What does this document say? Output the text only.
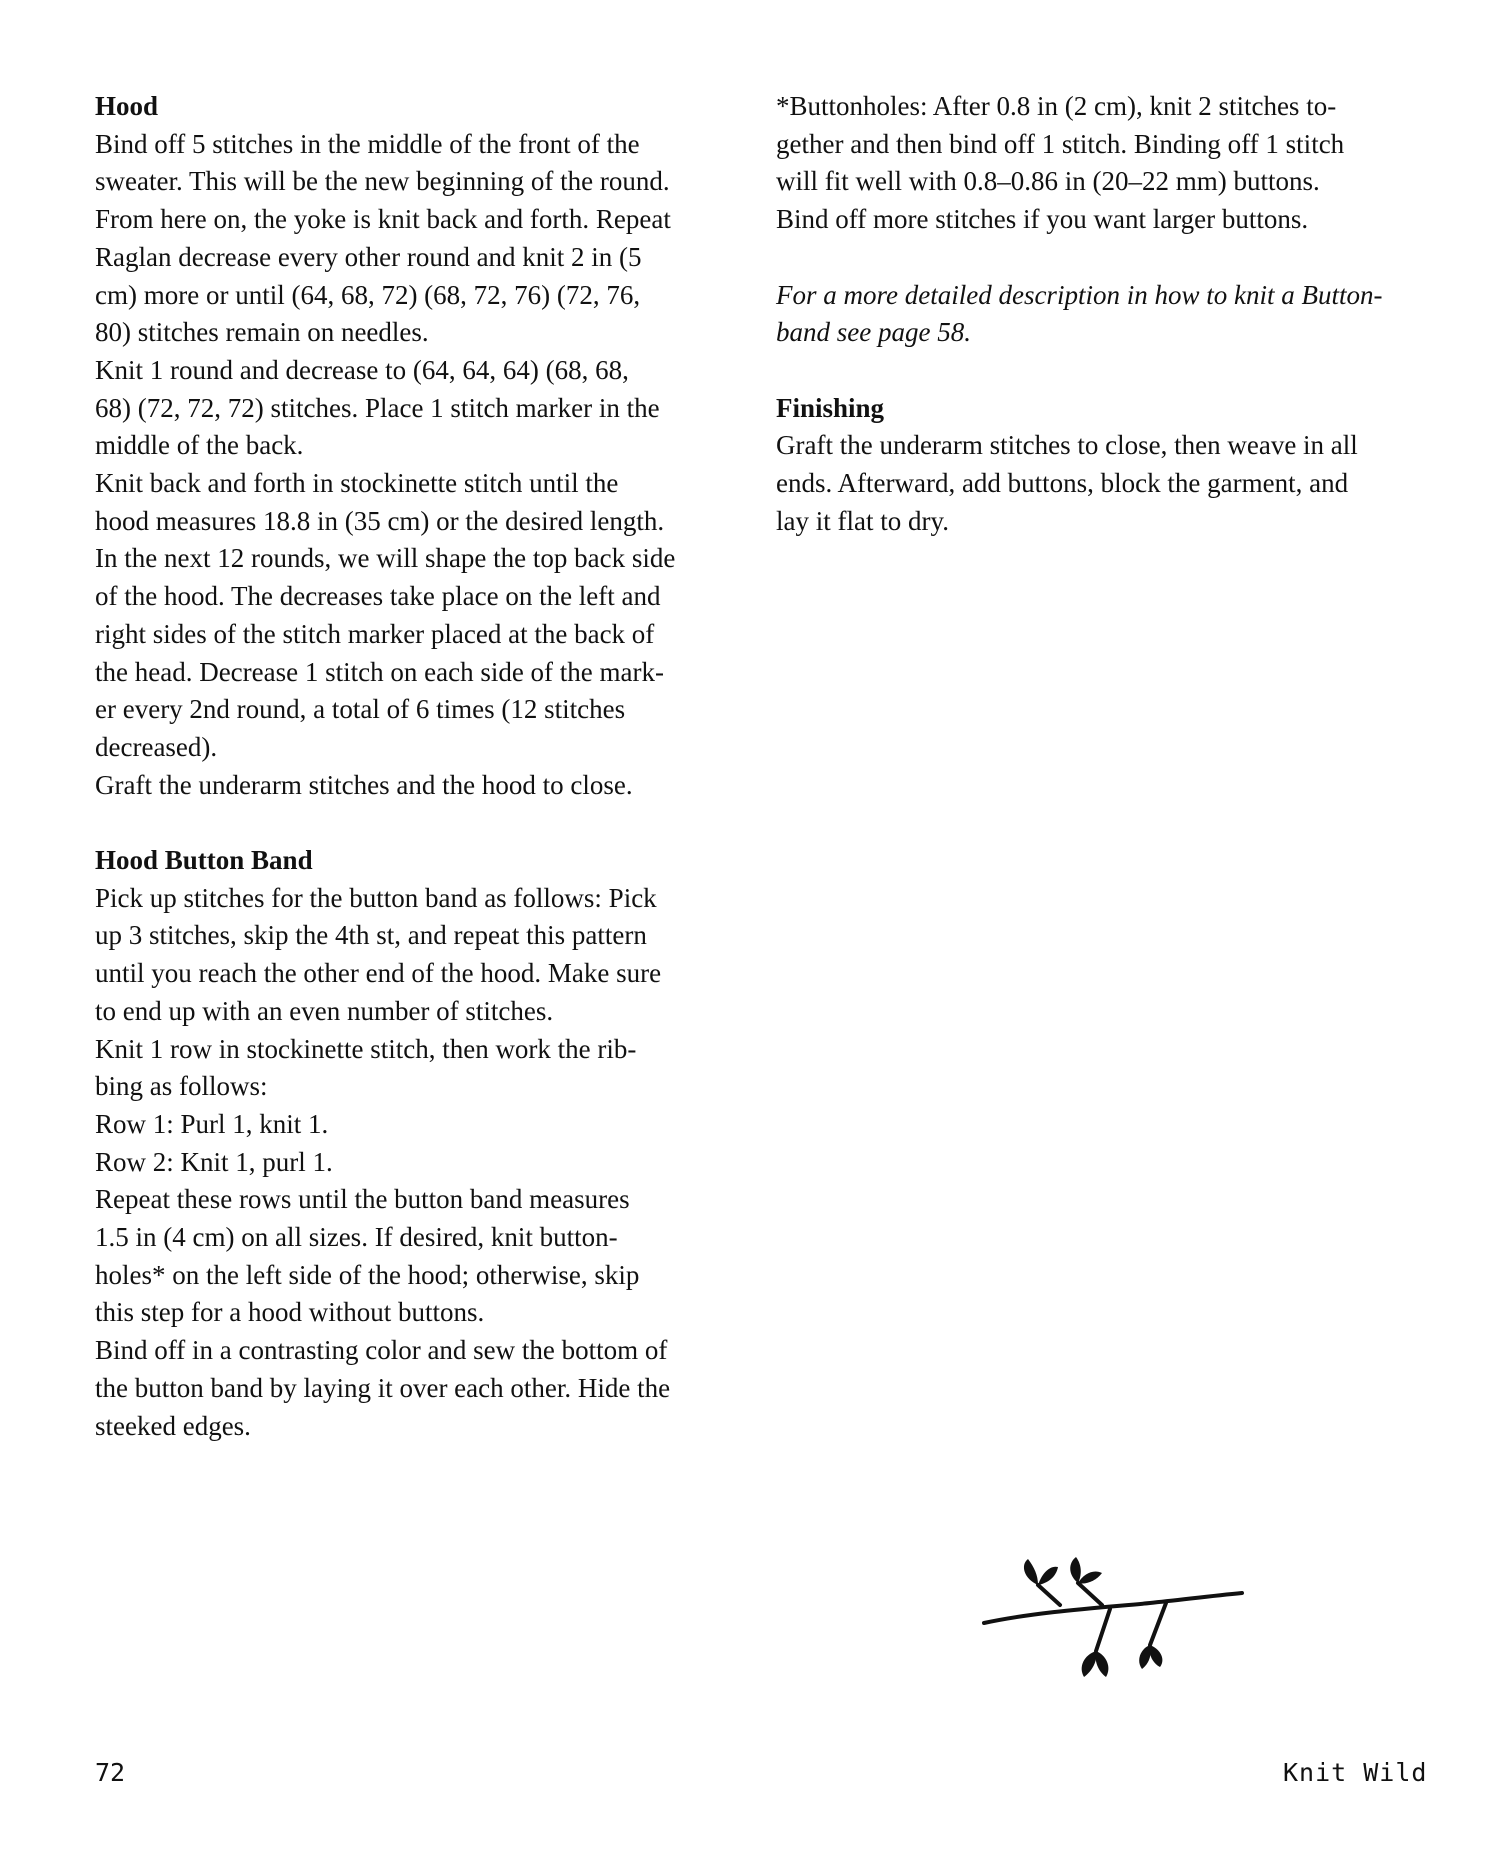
Hood

Bind off 5 stitches in the middle of the front of the
sweater. This will be the new beginning of the round.
From here on, the yoke is knit back and forth. Repeat
Raglan decrease every other round and knit 2 in (5
cm) more or until (64, 68, 72) (68, 72, 76) (72, 76,
80) stitches remain on needles.
Knit 1 round and decrease to (64, 64, 64) (68, 68,
68) (72, 72, 72) stitches. Place 1 stitch marker in the
middle of the back.
Knit back and forth in stockinette stitch until the
hood measures 18.8 in (35 cm) or the desired length.
In the next 12 rounds, we will shape the top back side
of the hood. The decreases take place on the left and
right sides of the stitch marker placed at the back of
the head. Decrease 1 stitch on each side of the mark-
er every 2nd round, a total of 6 times (12 stitches
decreased).
Graft the underarm stitches and the hood to close.

Hood Button Band

Pick up stitches for the button band as follows: Pick
up 3 stitches, skip the 4th st, and repeat this pattern
until you reach the other end of the hood. Make sure
to end up with an even number of stitches.
Knit 1 row in stockinette stitch, then work the rib-
bing as follows:
Row 1: Purl 1, knit 1.
Row 2: Knit 1, purl 1.
Repeat these rows until the button band measures
1.5 in (4 cm) on all sizes. If desired, knit button-
holes* on the left side of the hood; otherwise, skip
this step for a hood without buttons.
Bind off in a contrasting color and sew the bottom of
the button band by laying it over each other. Hide the
steeked edges.

*Buttonholes: After 0.8 in (2 cm), knit 2 stitches to-
gether and then bind off 1 stitch. Binding off 1 stitch
will fit well with 0.8–0.86 in (20–22 mm) buttons.
Bind off more stitches if you want larger buttons.

For a more detailed description in how to knit a Button-
band see page 58.

Finishing

Graft the underarm stitches to close, then weave in all
ends. Afterward, add buttons, block the garment, and
lay it flat to dry.

72	Knit Wild
